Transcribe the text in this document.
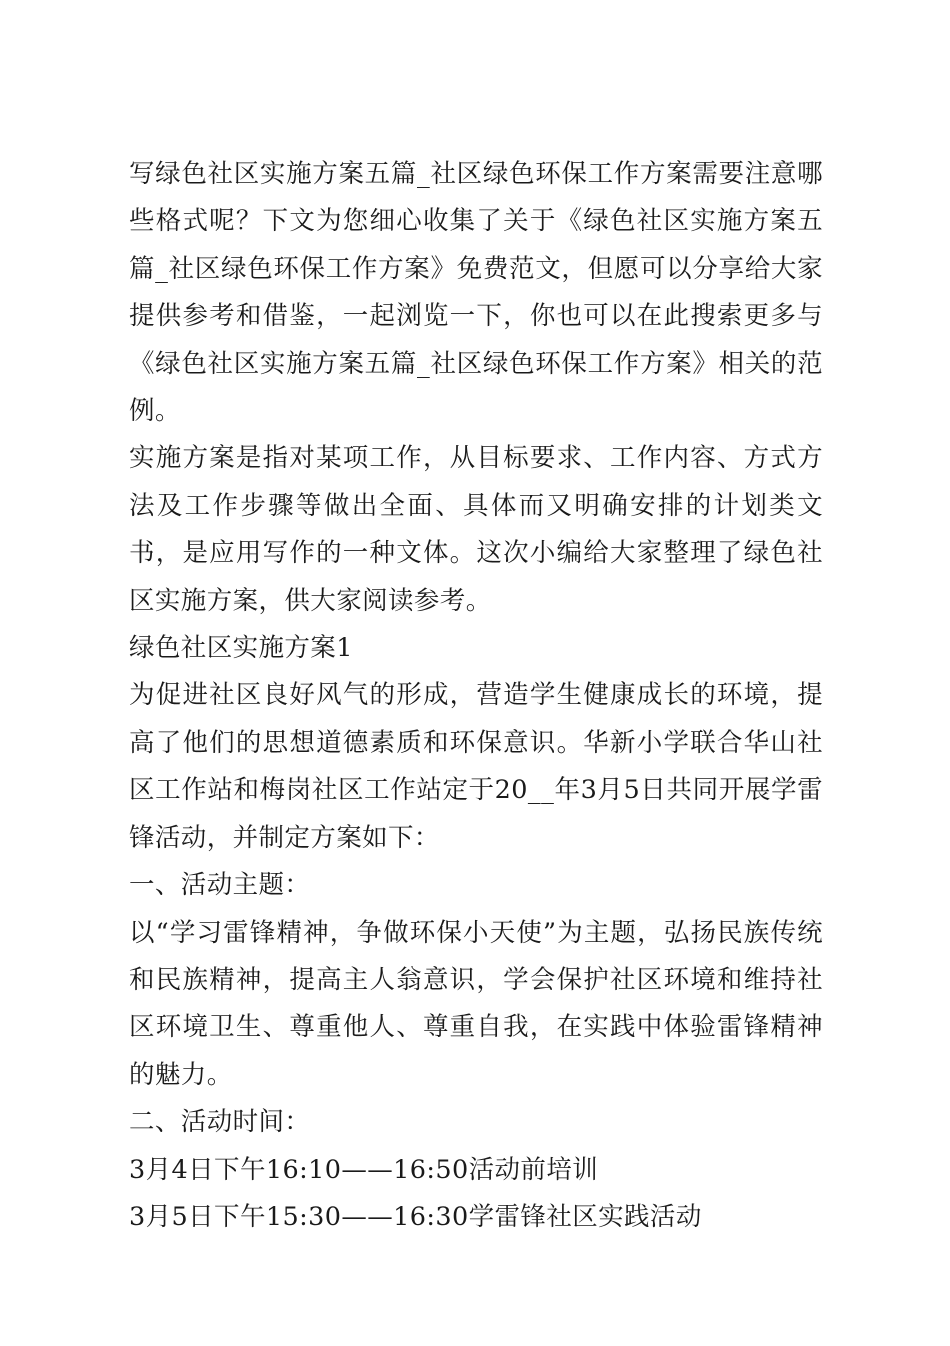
写绿色社区实施方案五篇_社区绿色环保工作方案需要注意哪些格式呢？下文为您细心收集了关于《绿色社区实施方案五篇_社区绿色环保工作方案》免费范文，但愿可以分享给大家提供参考和借鉴，一起浏览一下，你也可以在此搜索更多与《绿色社区实施方案五篇_社区绿色环保工作方案》相关的范例。

实施方案是指对某项工作，从目标要求、工作内容、方式方法及工作步骤等做出全面、具体而又明确安排的计划类文书，是应用写作的一种文体。这次小编给大家整理了绿色社区实施方案，供大家阅读参考。

绿色社区实施方案1

为促进社区良好风气的形成，营造学生健康成长的环境，提高了他们的思想道德素质和环保意识。华新小学联合华山社区工作站和梅岗社区工作站定于20__年3月5日共同开展学雷锋活动，并制定方案如下：

一、活动主题：

以“学习雷锋精神，争做环保小天使”为主题，弘扬民族传统和民族精神，提高主人翁意识，学会保护社区环境和维持社区环境卫生、尊重他人、尊重自我，在实践中体验雷锋精神的魅力。

二、活动时间：

3月4日下午16:10——16:50活动前培训

3月5日下午15:30——16:30学雷锋社区实践活动
